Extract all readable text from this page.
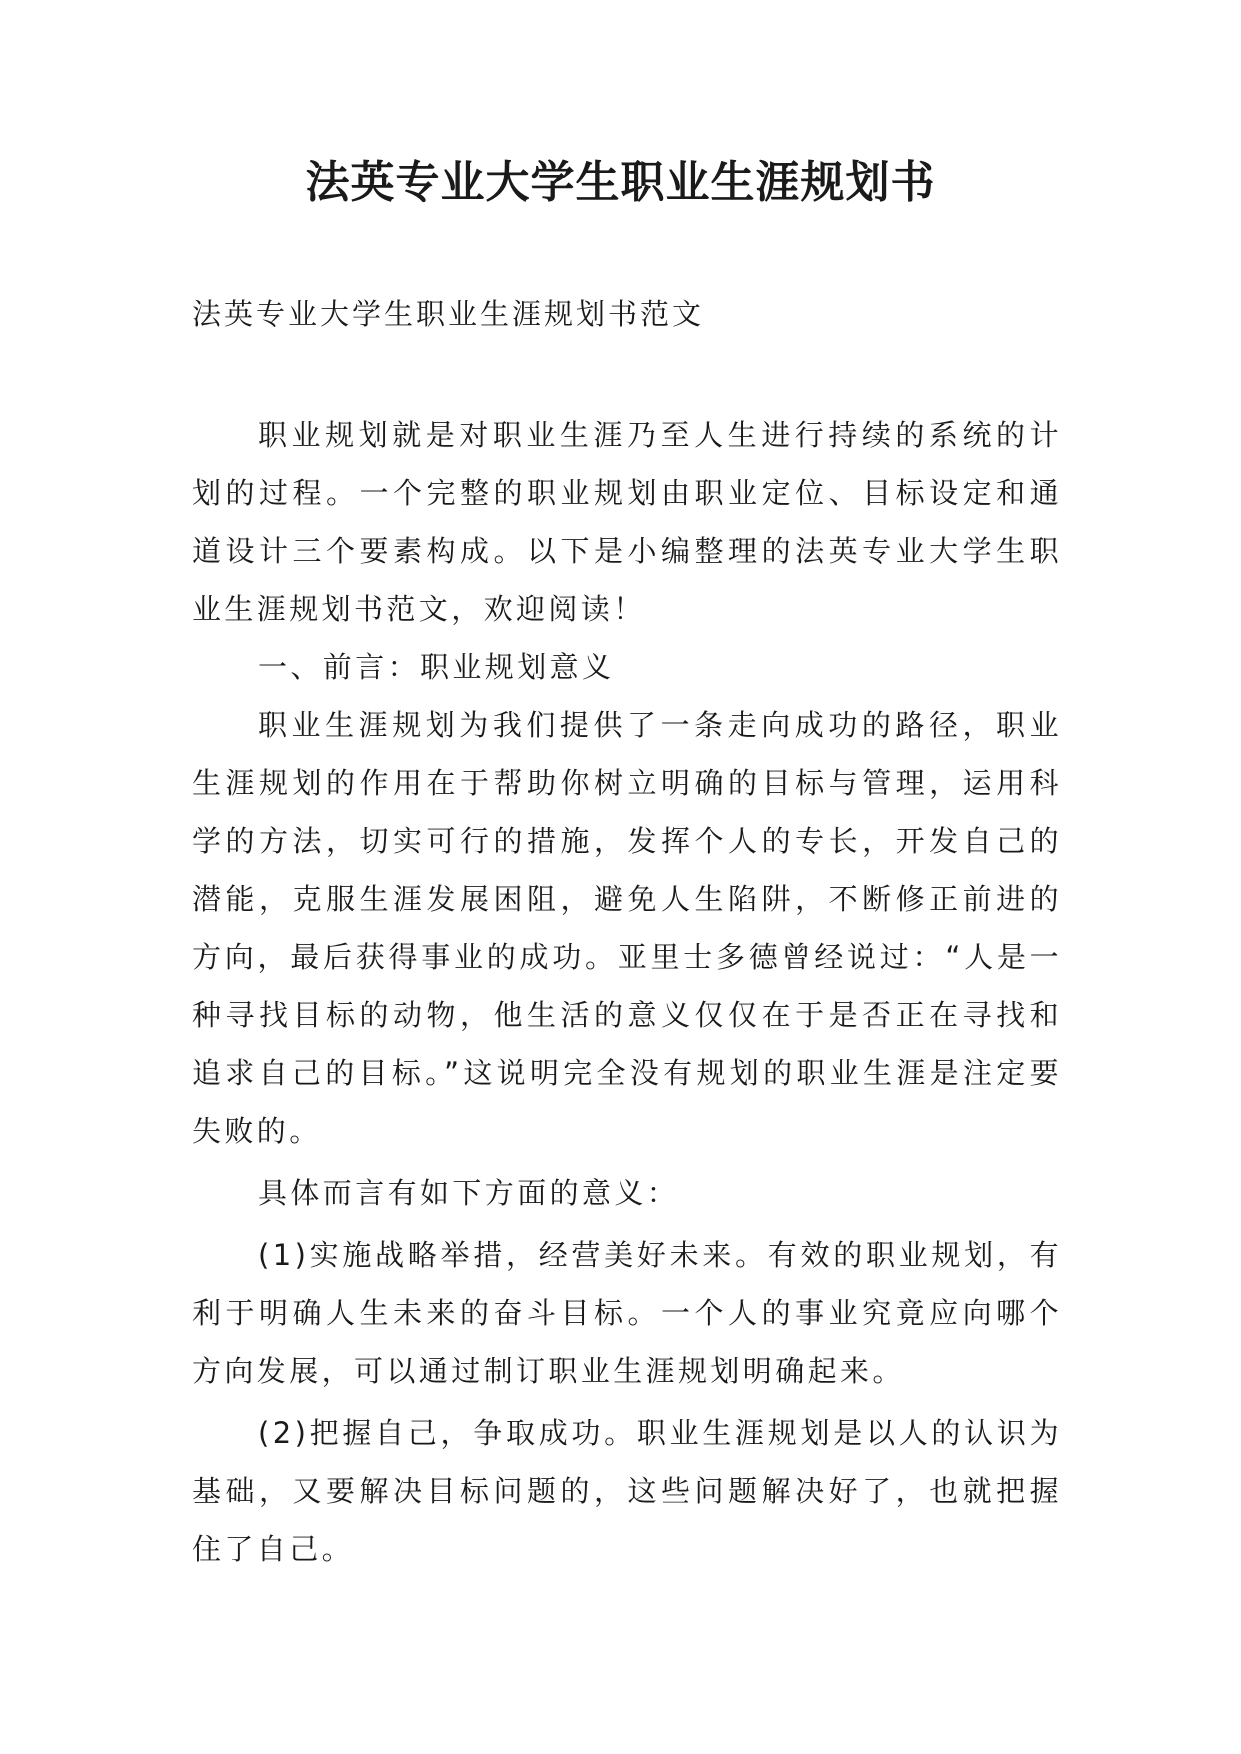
法英专业大学生职业生涯规划书

法英专业大学生职业生涯规划书范文

职业规划就是对职业生涯乃至人生进行持续的系统的计划的过程。一个完整的职业规划由职业定位、目标设定和通道设计三个要素构成。以下是小编整理的法英专业大学生职业生涯规划书范文，欢迎阅读！

一、前言：职业规划意义

职业生涯规划为我们提供了一条走向成功的路径，职业生涯规划的作用在于帮助你树立明确的目标与管理，运用科学的方法，切实可行的措施，发挥个人的专长，开发自己的潜能，克服生涯发展困阻，避免人生陷阱，不断修正前进的方向，最后获得事业的成功。亚里士多德曾经说过：“人是一种寻找目标的动物，他生活的意义仅仅在于是否正在寻找和追求自己的目标。”这说明完全没有规划的职业生涯是注定要失败的。

具体而言有如下方面的意义：

(1)实施战略举措，经营美好未来。有效的职业规划，有利于明确人生未来的奋斗目标。一个人的事业究竟应向哪个方向发展，可以通过制订职业生涯规划明确起来。

(2)把握自己，争取成功。职业生涯规划是以人的认识为基础，又要解决目标问题的，这些问题解决好了，也就把握住了自己。
